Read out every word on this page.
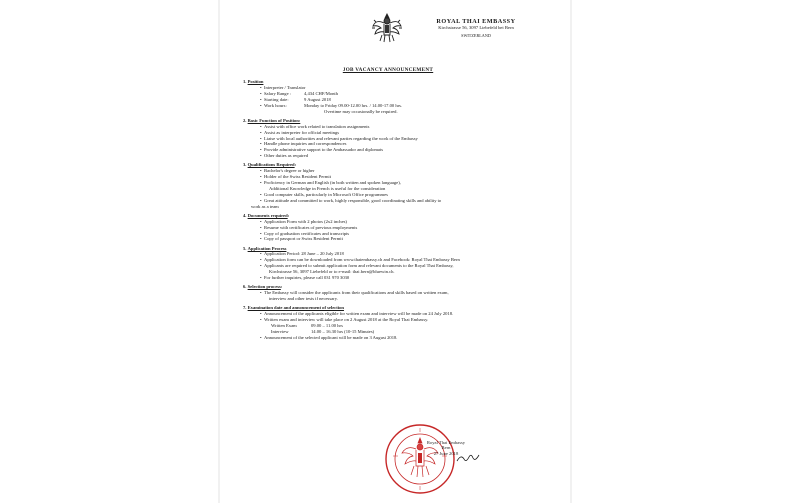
ROYAL THAI EMBASSY
Kirchstrasse 56, 3097 Liebefeld bei Bern
SWITZERLAND
JOB VACANCY ANNOUNCEMENT
1. Position
• Interpreter / Translator
• Salary Range :	4,434 CHF/Month
• Starting date:	9 August 2018
• Work hours:	Monday to Friday 09.00-12.00 hrs. / 14.00-17.00 hrs.
Overtime may occasionally be required.
2. Basic Function of Position:
• Assist with office work related to translation assignments
• Assist as interpreter for official meetings
• Liaise with local authorities and relevant parties regarding the work of the Embassy
• Handle phone inquiries and correspondences
• Provide administrative support to the Ambassador and diplomats
• Other duties as required
3. Qualifications Required:
• Bachelor's degree or higher
• Holder of the Swiss Resident Permit
• Proficiency in German and English (in both written and spoken language),
Additional Knowledge in French is useful for the consideration
• Good computer skills, particularly in Microsoft Office programmes
• Great attitude and committed to work, highly responsible, good coordinating skills and ability to
work as a team
4. Documents required:
• Application Form with 2 photos (2x2 inches)
• Resume with certificates of previous employments
• Copy of graduation certificates and transcripts
• Copy of passport or Swiss Resident Permit
5. Application Process
• Application Period: 28 June – 20 July 2018
• Application form can be downloaded from www.thaiembassy.ch and Facebook: Royal Thai Embassy Bern
• Applicants are required to submit application form and relevant documents to the Royal Thai Embassy,
Kirchstrasse 56, 3097 Liebefeld or to e-mail: thai.bern@bluewin.ch.
• For further inquiries, please call 031 970 3030
6. Selection process:
• The Embassy will consider the applicants from their qualifications and skills based on written exam,
interview and other tests if necessary.
7. Examination date and announcement of selection
• Announcement of the applicants eligible for written exam and interview will be made on 24 July 2018.
• Written exam and interview will take place on 2 August 2018 at the Royal Thai Embassy.
Written Exam	09.00 – 11.00 hrs
Interview	14.00 – 16.30 hrs (10-15 Minutes)
• Announcement of the selected applicant will be made on 3 August 2018.
Royal Thai Embassy
Bern
27 June 2018
